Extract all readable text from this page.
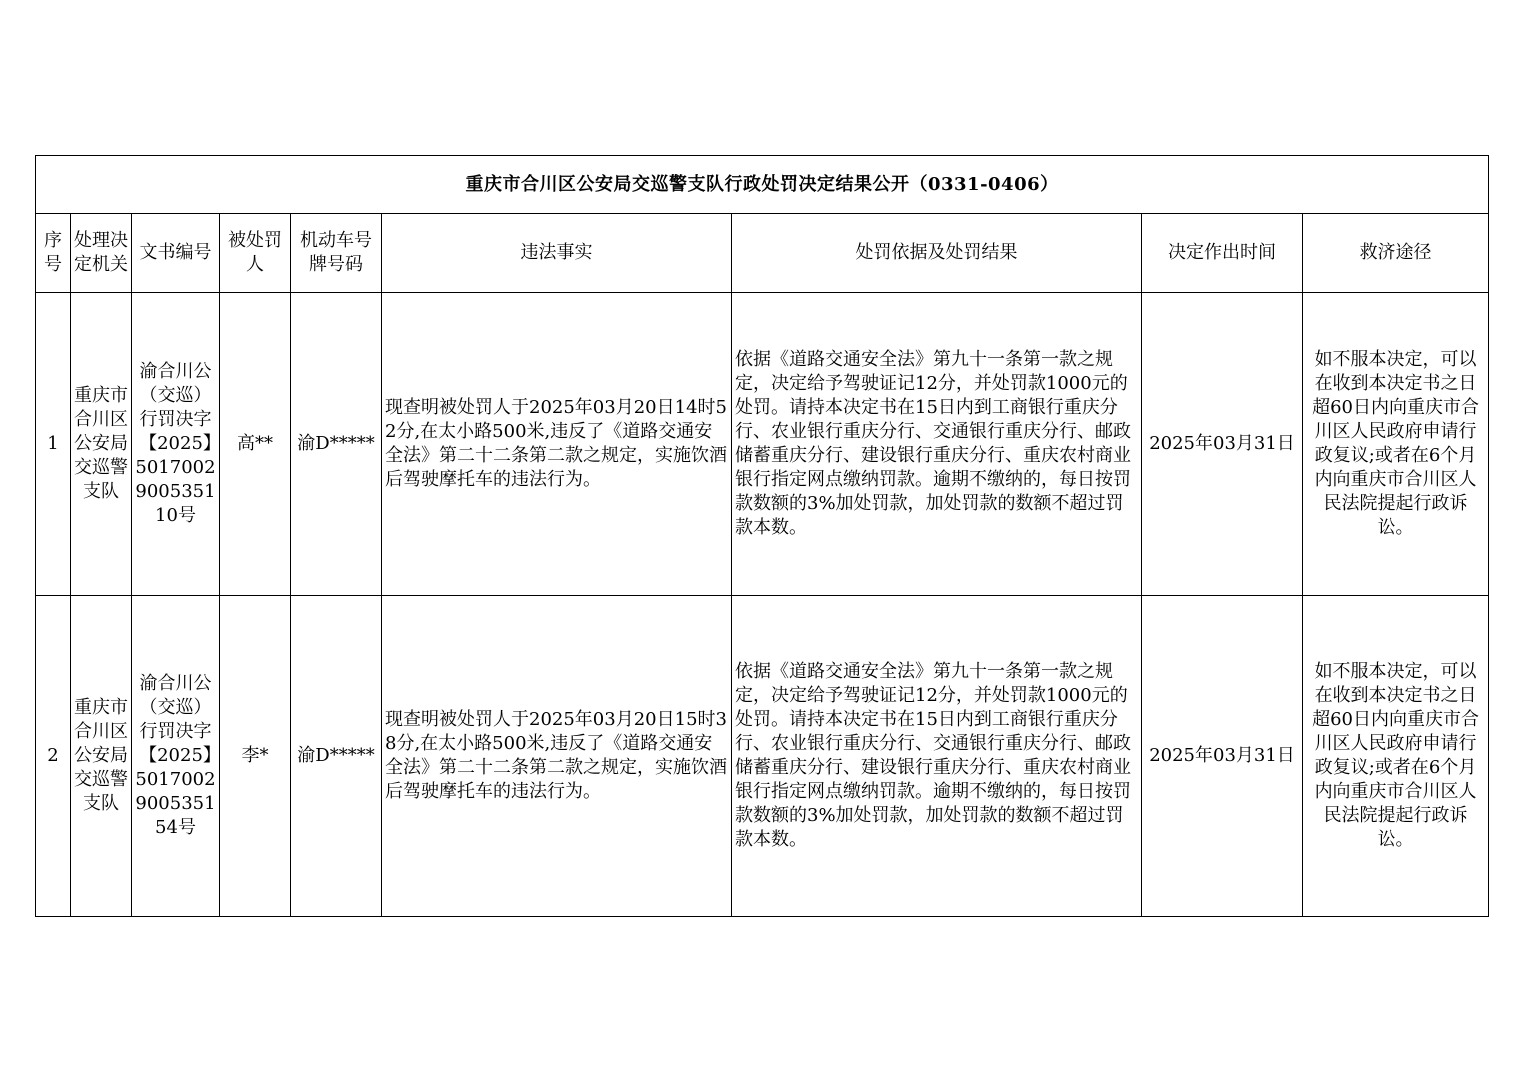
重庆市合川区公安局交巡警支队行政处罚决定结果公开（0331-0406）								
序号	处理决定机关	文书编号	被处罚人	机动车号牌号码	违法事实	处罚依据及处罚结果	决定作出时间	救济途径
1	重庆市合川区公安局交巡警支队	渝合川公（交巡）行罚决字【2025】5017002900535110号	高**	渝D*****	现查明被处罚人于2025年03月20日14时52分,在太小路500米,违反了《道路交通安全法》第二十二条第二款之规定，实施饮酒后驾驶摩托车的违法行为。	依据《道路交通安全法》第九十一条第一款之规定，决定给予驾驶证记12分，并处罚款1000元的处罚。请持本决定书在15日内到工商银行重庆分行、农业银行重庆分行、交通银行重庆分行、邮政储蓄重庆分行、建设银行重庆分行、重庆农村商业银行指定网点缴纳罚款。逾期不缴纳的，每日按罚款数额的3%加处罚款，加处罚款的数额不超过罚款本数。	2025年03月31日	如不服本决定，可以在收到本决定书之日超60日内向重庆市合川区人民政府申请行政复议;或者在6个月内向重庆市合川区人民法院提起行政诉讼。
2	重庆市合川区公安局交巡警支队	渝合川公（交巡）行罚决字【2025】5017002900535154号	李*	渝D*****	现查明被处罚人于2025年03月20日15时38分,在太小路500米,违反了《道路交通安全法》第二十二条第二款之规定，实施饮酒后驾驶摩托车的违法行为。	依据《道路交通安全法》第九十一条第一款之规定，决定给予驾驶证记12分，并处罚款1000元的处罚。请持本决定书在15日内到工商银行重庆分行、农业银行重庆分行、交通银行重庆分行、邮政储蓄重庆分行、建设银行重庆分行、重庆农村商业银行指定网点缴纳罚款。逾期不缴纳的，每日按罚款数额的3%加处罚款，加处罚款的数额不超过罚款本数。	2025年03月31日	如不服本决定，可以在收到本决定书之日超60日内向重庆市合川区人民政府申请行政复议;或者在6个月内向重庆市合川区人民法院提起行政诉讼。
